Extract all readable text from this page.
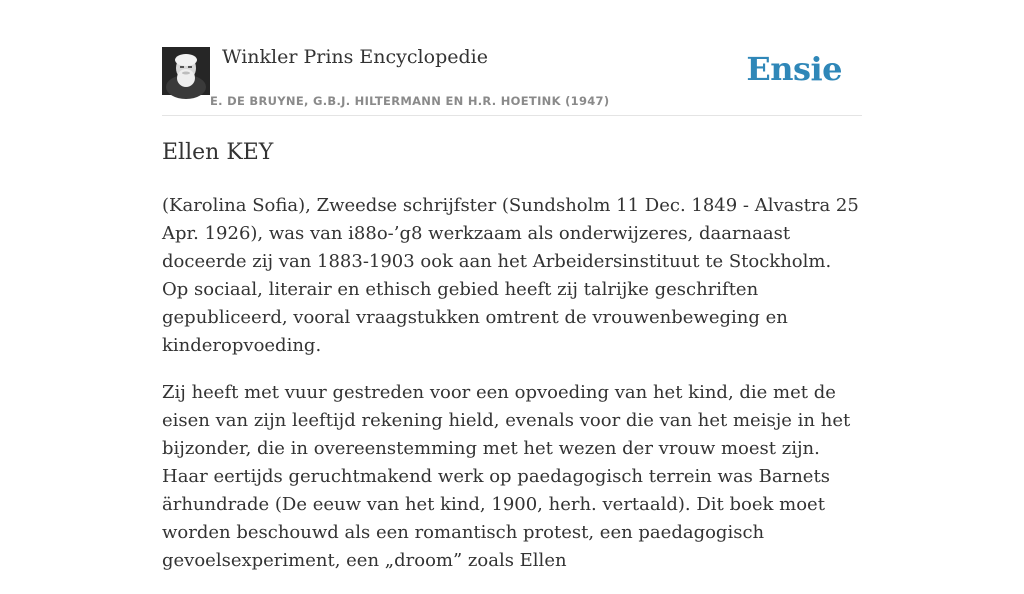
Winkler Prins Encyclopedie
E. DE BRUYNE, G.B.J. HILTERMANN EN H.R. HOETINK (1947)
Ensie
Ellen KEY

(Karolina Sofia), Zweedse schrijfster (Sundsholm 11 Dec. 1849 - Alvastra 25 Apr. 1926), was van i88o-’g8 werkzaam als onderwijzeres, daarnaast doceerde zij van 1883-1903 ook aan het Arbeidersinstituut te Stockholm. Op sociaal, literair en ethisch gebied heeft zij talrijke geschriften gepubliceerd, vooral vraagstukken omtrent de vrouwenbeweging en kinderopvoeding.

Zij heeft met vuur gestreden voor een opvoeding van het kind, die met de eisen van zijn leeftijd rekening hield, evenals voor die van het meisje in het bijzonder, die in overeenstemming met het wezen der vrouw moest zijn. Haar eertijds geruchtmakend werk op paedagogisch terrein was Barnets ärhundrade (De eeuw van het kind, 1900, herh. vertaald). Dit boek moet worden beschouwd als een romantisch protest, een paedagogisch gevoelsexperiment, een „droom” zoals Ellen
